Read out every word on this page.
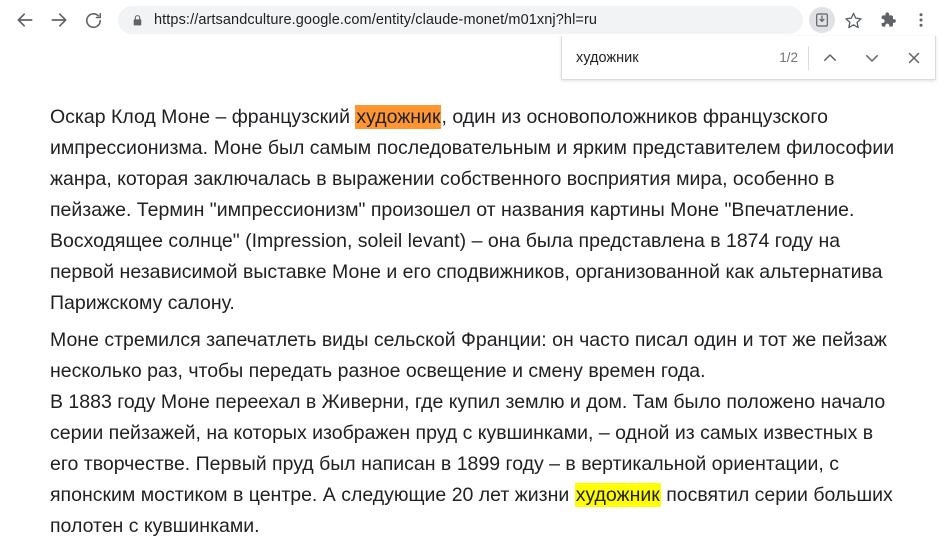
https://artsandculture.google.com/entity/claude-monet/m01xnj?hl=ru
художник
1/2

Оскар Клод Моне – французский художник, один из основоположников французского импрессионизма. Моне был самым последовательным и ярким представителем философии жанра, которая заключалась в выражении собственного восприятия мира, особенно в пейзаже. Термин "импрессионизм" произошел от названия картины Моне "Впечатление. Восходящее солнце" (Impression, soleil levant) – она была представлена в 1874 году на первой независимой выставке Моне и его сподвижников, организованной как альтернатива Парижскому салону.

Моне стремился запечатлеть виды сельской Франции: он часто писал один и тот же пейзаж несколько раз, чтобы передать разное освещение и смену времен года.

В 1883 году Моне переехал в Живерни, где купил землю и дом. Там было положено начало серии пейзажей, на которых изображен пруд с кувшинками, – одной из самых известных в его творчестве. Первый пруд был написан в 1899 году – в вертикальной ориентации, с японским мостиком в центре. А следующие 20 лет жизни художник посвятил серии больших полотен с кувшинками.
